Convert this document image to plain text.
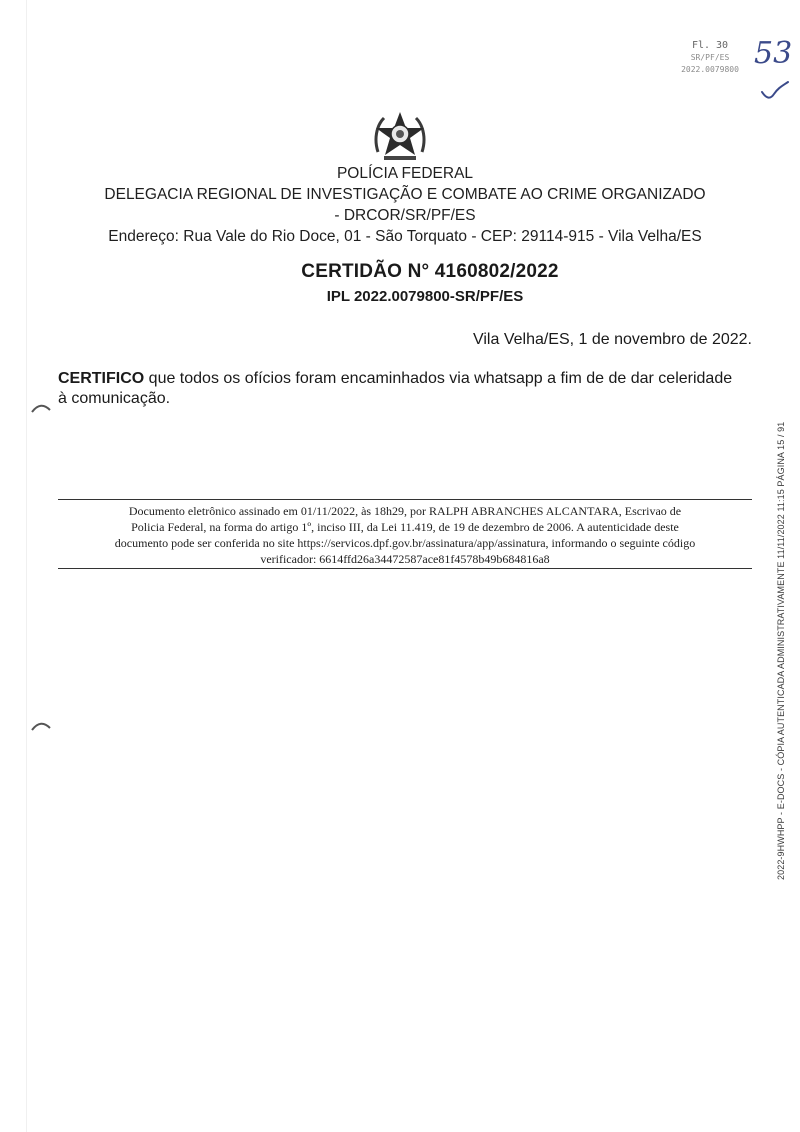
Fl. 30
SR/PF/ES
2022.0079800 53
POLÍCIA FEDERAL
DELEGACIA REGIONAL DE INVESTIGAÇÃO E COMBATE AO CRIME ORGANIZADO
- DRCOR/SR/PF/ES
Endereço: Rua Vale do Rio Doce, 01 - São Torquato - CEP: 29114-915 - Vila Velha/ES
CERTIDÃO N° 4160802/2022
IPL 2022.0079800-SR/PF/ES
Vila Velha/ES, 1 de novembro de 2022.
CERTIFICO que todos os ofícios foram encaminhados via whatsapp a fim de de dar celeridade à comunicação.
Documento eletrônico assinado em 01/11/2022, às 18h29, por RALPH ABRANCHES ALCANTARA, Escrivao de
Policia Federal, na forma do artigo 1º, inciso III, da Lei 11.419, de 19 de dezembro de 2006. A autenticidade deste
documento pode ser conferida no site https://servicos.dpf.gov.br/assinatura/app/assinatura, informando o seguinte código
verificador: 6614ffd26a34472587ace81f4578b49b684816a8	2022-9HWHPP - E-DOCS - CÓPIA AUTENTICADA ADMINISTRATIVAMENTE 11/11/2022 11:15 PÁGINA 15 / 91
